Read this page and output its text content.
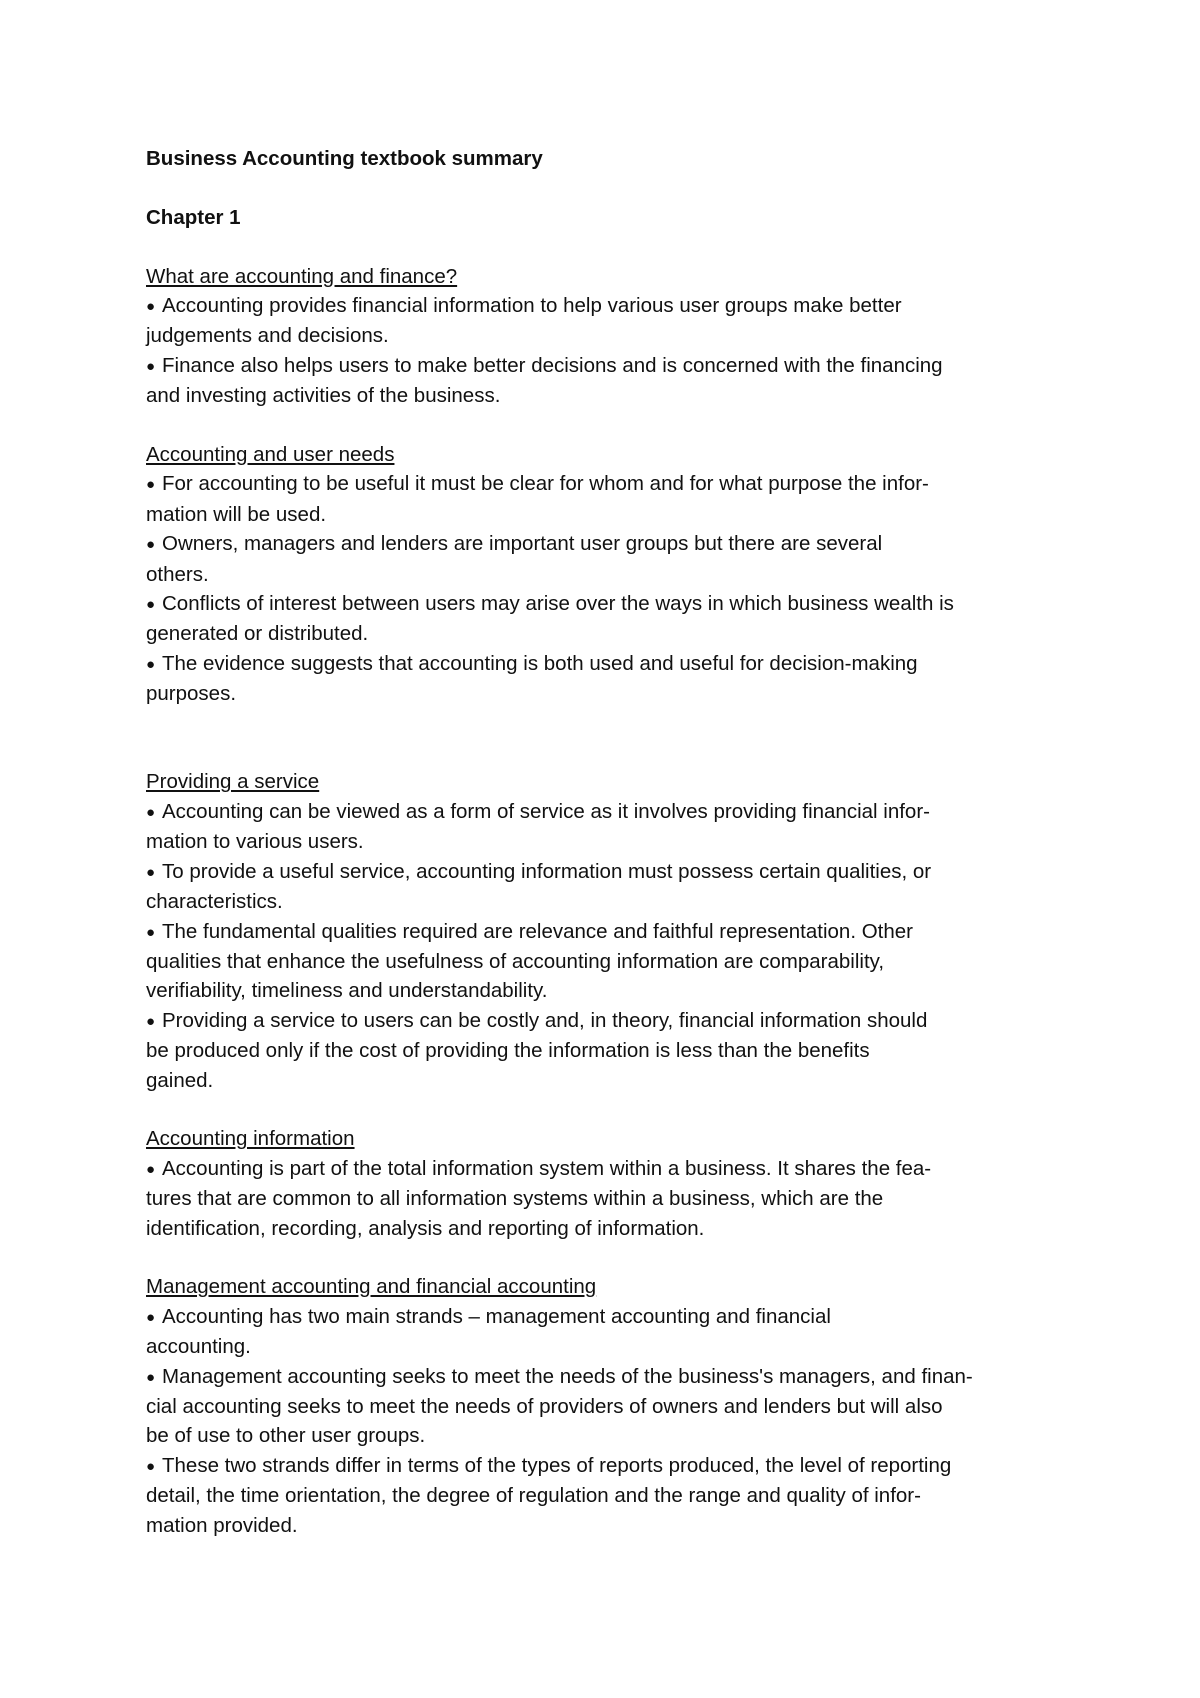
Business Accounting textbook summary

Chapter 1

What are accounting and finance?

● Accounting provides financial information to help various user groups make better
judgements and decisions.

● Finance also helps users to make better decisions and is concerned with the financing
and investing activities of the business.

Accounting and user needs

● For accounting to be useful it must be clear for whom and for what purpose the infor-
mation will be used.

● Owners, managers and lenders are important user groups but there are several
others.

● Conflicts of interest between users may arise over the ways in which business wealth is
generated or distributed.

● The evidence suggests that accounting is both used and useful for decision-making
purposes.

Providing a service

● Accounting can be viewed as a form of service as it involves providing financial infor-
mation to various users.

● To provide a useful service, accounting information must possess certain qualities, or
characteristics.

● The fundamental qualities required are relevance and faithful representation. Other
qualities that enhance the usefulness of accounting information are comparability,
verifiability, timeliness and understandability.

● Providing a service to users can be costly and, in theory, financial information should
be produced only if the cost of providing the information is less than the benefits
gained.

Accounting information

● Accounting is part of the total information system within a business. It shares the fea-
tures that are common to all information systems within a business, which are the
identification, recording, analysis and reporting of information.

Management accounting and financial accounting

● Accounting has two main strands – management accounting and financial
accounting.

● Management accounting seeks to meet the needs of the business's managers, and finan-
cial accounting seeks to meet the needs of providers of owners and lenders but will also
be of use to other user groups.

● These two strands differ in terms of the types of reports produced, the level of reporting
detail, the time orientation, the degree of regulation and the range and quality of infor-
mation provided.
